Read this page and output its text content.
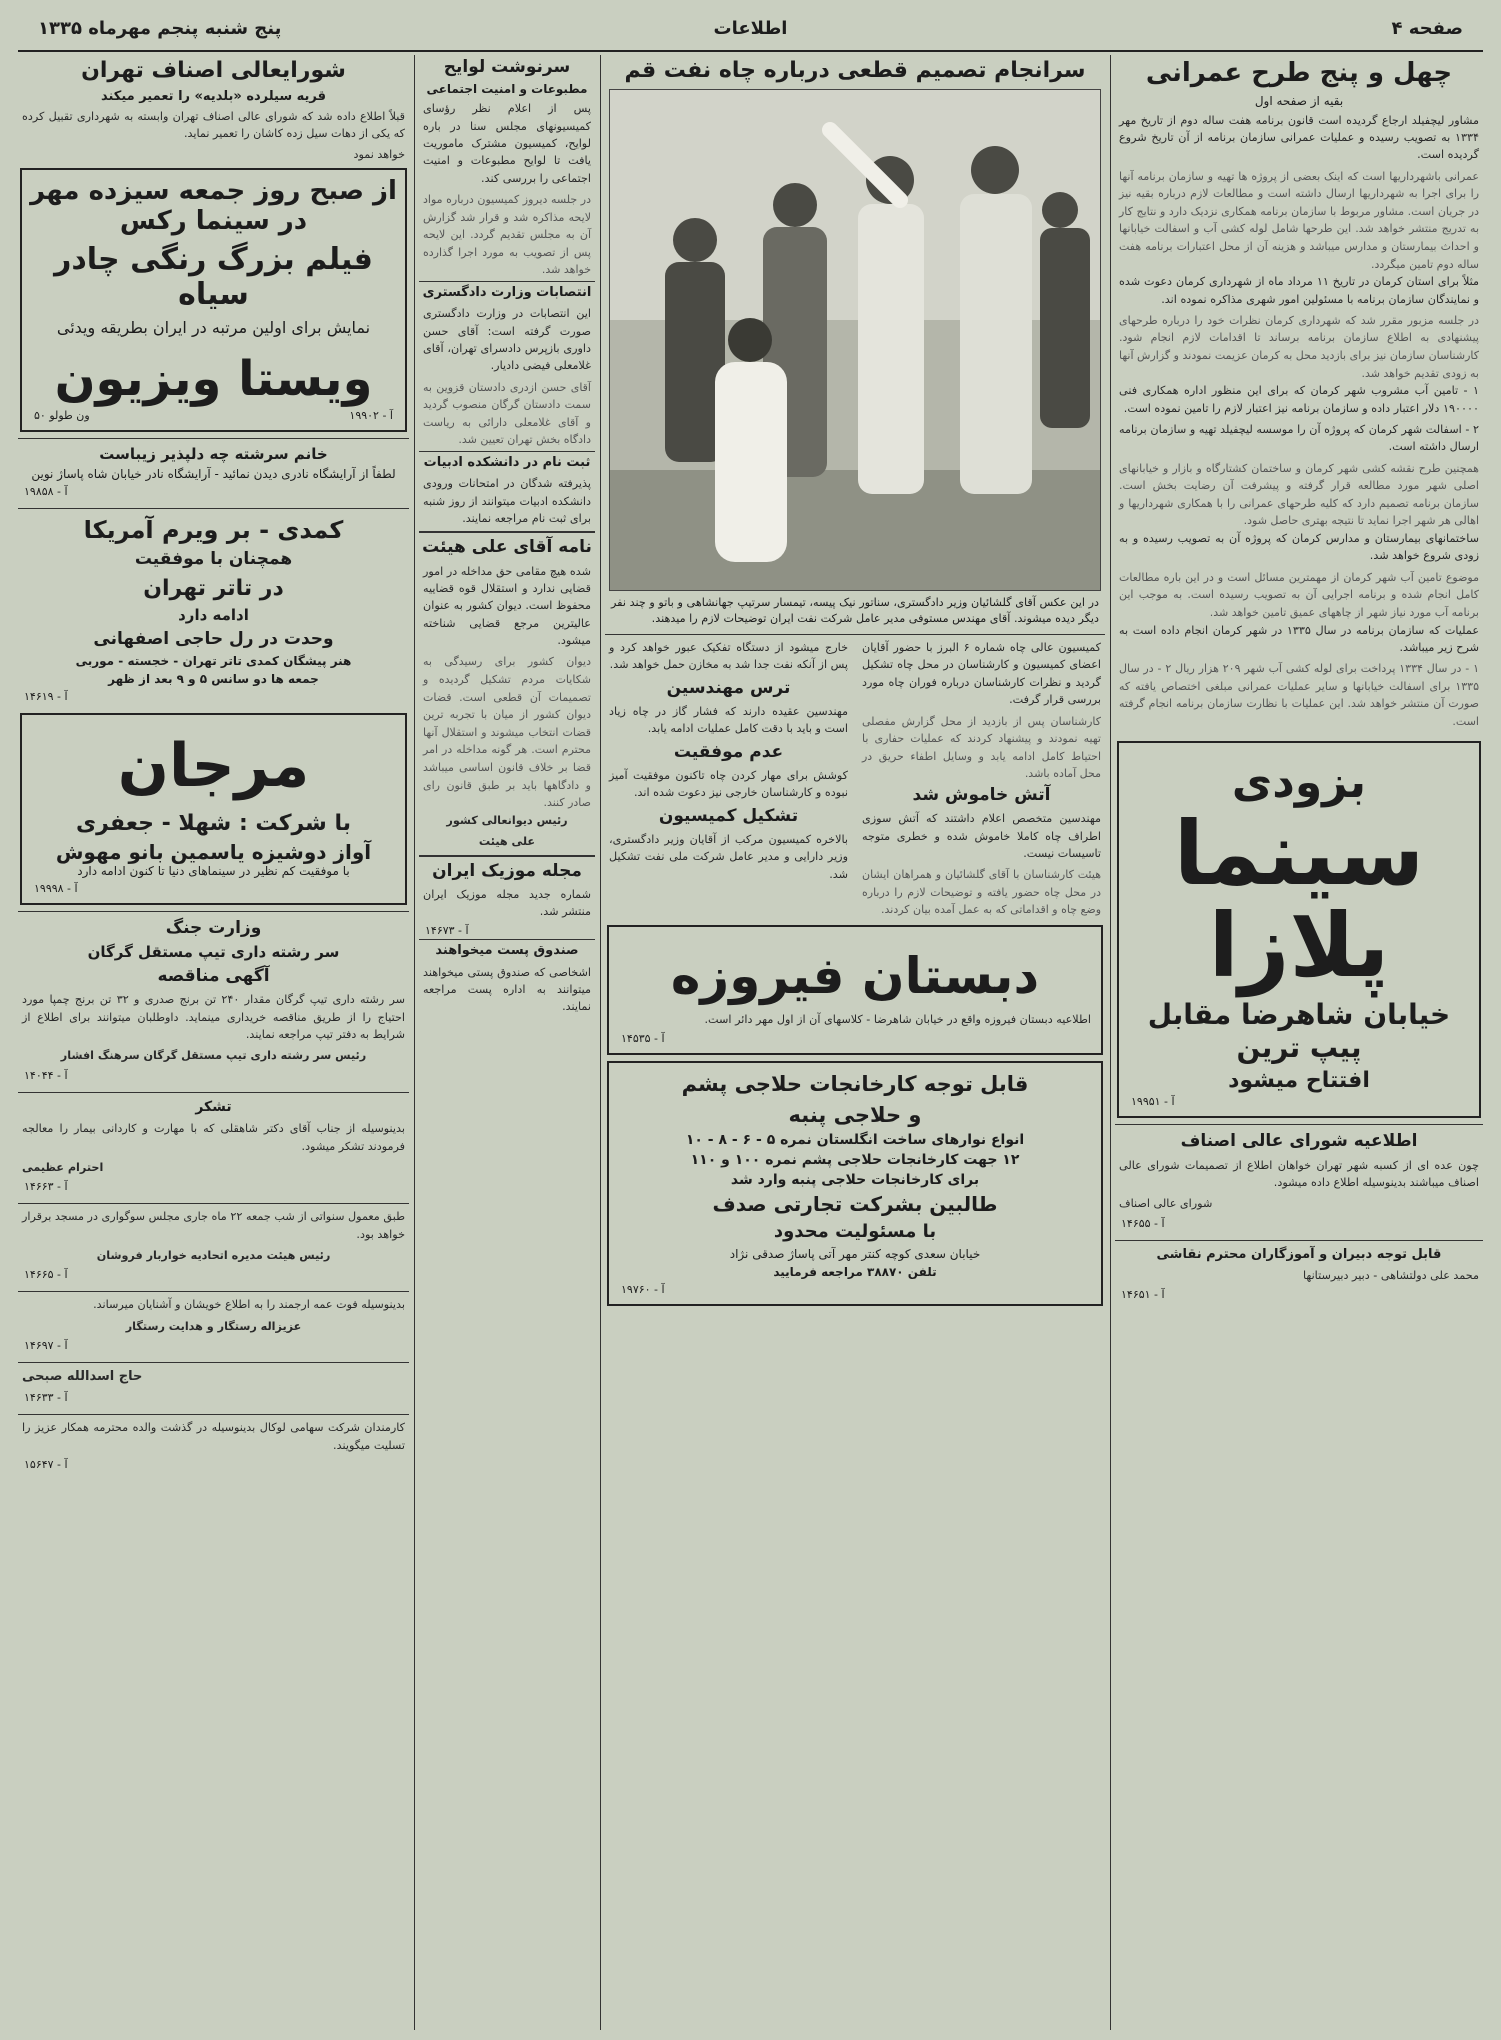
صفحه ۴
اطلاعات
پنج شنبه پنجم مهرماه ۱۳۳۵
چهل و پنج طرح عمرانی
بقیه از صفحه اول

مشاور لیچفیلد ارجاع گردیده است قانون برنامه هفت ساله دوم از تاریخ مهر ۱۳۳۴ به تصویب رسیده و عملیات عمرانی سازمان برنامه از آن تاریخ شروع گردیده است.

عمرانی باشهرداریها است که اینک بعضی از پروژه ها تهیه و سازمان برنامه آنها را برای اجرا به شهرداریها ارسال داشته است و مطالعات لازم درباره بقیه نیز در جریان است. مشاور مربوط با سازمان برنامه همکاری نزدیک دارد و نتایج کار به تدریج منتشر خواهد شد. این طرحها شامل لوله کشی آب و اسفالت خیابانها و احداث بیمارستان و مدارس میباشد و هزینه آن از محل اعتبارات برنامه هفت ساله دوم تامین میگردد.

مثلاً برای استان کرمان در تاریخ ۱۱ مرداد ماه از شهرداری کرمان دعوت شده و نمایندگان سازمان برنامه با مسئولین امور شهری مذاکره نموده اند.

در جلسه مزبور مقرر شد که شهرداری کرمان نظرات خود را درباره طرحهای پیشنهادی به اطلاع سازمان برنامه برساند تا اقدامات لازم انجام شود. کارشناسان سازمان نیز برای بازدید محل به کرمان عزیمت نمودند و گزارش آنها به زودی تقدیم خواهد شد.

۱ - تامین آب مشروب شهر کرمان که برای این منظور اداره همکاری فنی ۱۹۰۰۰۰ دلار اعتبار داده و سازمان برنامه نیز اعتبار لازم را تامین نموده است.

۲ - اسفالت شهر کرمان که پروژه آن را موسسه لیچفیلد تهیه و سازمان برنامه ارسال داشته است.

همچنین طرح نقشه کشی شهر کرمان و ساختمان کشتارگاه و بازار و خیابانهای اصلی شهر مورد مطالعه قرار گرفته و پیشرفت آن رضایت بخش است. سازمان برنامه تصمیم دارد که کلیه طرحهای عمرانی را با همکاری شهرداریها و اهالی هر شهر اجرا نماید تا نتیجه بهتری حاصل شود.

ساختمانهای بیمارستان و مدارس کرمان که پروژه آن به تصویب رسیده و به زودی شروع خواهد شد.

موضوع تامین آب شهر کرمان از مهمترین مسائل است و در این باره مطالعات کامل انجام شده و برنامه اجرایی آن به تصویب رسیده است. به موجب این برنامه آب مورد نیاز شهر از چاههای عمیق تامین خواهد شد.

عملیات که سازمان برنامه در سال ۱۳۳۵ در شهر کرمان انجام داده است به شرح زیر میباشد.

۱ - در سال ۱۳۳۴ پرداخت برای لوله کشی آب شهر ۲۰۹ هزار ریال ۲ - در سال ۱۳۳۵ برای اسفالت خیابانها و سایر عملیات عمرانی مبلغی اختصاص یافته که صورت آن منتشر خواهد شد. این عملیات با نظارت سازمان برنامه انجام گرفته است.

بزودی
سینما پلازا
خیابان شاهرضا مقابل پیپ ترین
افتتاح میشود
آ - ۱۹۹۵۱
اطلاعیه شورای عالی اصناف

چون عده ای از کسبه شهر تهران خواهان اطلاع از تصمیمات شورای عالی اصناف میباشند بدینوسیله اطلاع داده میشود.

شورای عالی اصناف
آ - ۱۴۶۵۵
قابل توجه دبیران و آموزگاران محترم نقاشی
محمد علی دولتشاهی - دبیر دبیرستانها
آ - ۱۴۶۵۱
سرانجام تصمیم قطعی درباره چاه نفت قم

در این عکس آقای گلشائیان وزیر دادگستری، سناتور نیک پیسه، تیمسار سرتیپ جهانشاهی و باتو و چند نفر دیگر دیده میشوند. آقای مهندس مستوفی مدیر عامل شرکت نفت ایران توضیحات لازم را میدهند.

کمیسیون عالی چاه شماره ۶ البرز با حضور آقایان اعضای کمیسیون و کارشناسان در محل چاه تشکیل گردید و نظرات کارشناسان درباره فوران چاه مورد بررسی قرار گرفت.

کارشناسان پس از بازدید از محل گزارش مفصلی تهیه نمودند و پیشنهاد کردند که عملیات حفاری با احتیاط کامل ادامه یابد و وسایل اطفاء حریق در محل آماده باشد.

آتش خاموش شد

مهندسین متخصص اعلام داشتند که آتش سوزی اطراف چاه کاملا خاموش شده و خطری متوجه تاسیسات نیست.

هیئت کارشناسان با آقای گلشائیان و همراهان ایشان در محل چاه حضور یافته و توضیحات لازم را درباره وضع چاه و اقداماتی که به عمل آمده بیان کردند.

خارج میشود از دستگاه تفکیک عبور خواهد کرد و پس از آنکه نفت جدا شد به مخازن حمل خواهد شد.

ترس مهندسین

مهندسین عقیده دارند که فشار گاز در چاه زیاد است و باید با دقت کامل عملیات ادامه یابد.

عدم موفقیت

کوشش برای مهار کردن چاه تاکنون موفقیت آمیز نبوده و کارشناسان خارجی نیز دعوت شده اند.

تشکیل کمیسیون

بالاخره کمیسیون مرکب از آقایان وزیر دادگستری، وزیر دارایی و مدیر عامل شرکت ملی نفت تشکیل شد.

دبستان فیروزه

اطلاعیه دبستان فیروزه واقع در خیابان شاهرضا - کلاسهای آن از اول مهر دائر است.

آ - ۱۴۵۳۵
قابل توجه کارخانجات حلاجی پشم
و حلاجی پنبه
انواع نوارهای ساخت انگلستان نمره ۵ - ۶ - ۸ - ۱۰
۱۲ جهت کارخانجات حلاجی پشم نمره ۱۰۰ و ۱۱۰
برای کارخانجات حلاجی پنبه وارد شد
طالبین بشرکت تجارتی صدف
با مسئولیت محدود
خیابان سعدی کوچه کنتر مهر آتی پاساژ صدقی نژاد
تلفن ۳۸۸۷۰ مراجعه فرمایید
آ - ۱۹۷۶۰
سرنوشت لوایح
مطبوعات و امنیت اجتماعی

پس از اعلام نظر رؤسای کمیسیونهای مجلس سنا در باره لوایح، کمیسیون مشترک ماموریت یافت تا لوایح مطبوعات و امنیت اجتماعی را بررسی کند.

در جلسه دیروز کمیسیون درباره مواد لایحه مذاکره شد و قرار شد گزارش آن به مجلس تقدیم گردد. این لایحه پس از تصویب به مورد اجرا گذارده خواهد شد.

انتصابات وزارت دادگستری

این انتصابات در وزارت دادگستری صورت گرفته است: آقای حسن داوری بازپرس دادسرای تهران، آقای غلامعلی فیضی دادیار.

آقای حسن ازدری دادستان قزوین به سمت دادستان گرگان منصوب گردید و آقای غلامعلی دارائی به ریاست دادگاه بخش تهران تعیین شد.

ثبت نام در دانشکده ادبیات

پذیرفته شدگان در امتحانات ورودی دانشکده ادبیات میتوانند از روز شنبه برای ثبت نام مراجعه نمایند.

نامه آقای علی هیئت

شده هیچ مقامی حق مداخله در امور قضایی ندارد و استقلال قوه قضاییه محفوظ است. دیوان کشور به عنوان عالیترین مرجع قضایی شناخته میشود.

دیوان کشور برای رسیدگی به شکایات مردم تشکیل گردیده و تصمیمات آن قطعی است. قضات دیوان کشور از میان با تجربه ترین قضات انتخاب میشوند و استقلال آنها محترم است. هر گونه مداخله در امر قضا بر خلاف قانون اساسی میباشد و دادگاهها باید بر طبق قانون رای صادر کنند.

رئیس دیوانعالی کشور
علی هیئت
مجله موزیک ایران

شماره جدید مجله موزیک ایران منتشر شد.

آ - ۱۴۶۷۳
صندوق پست میخواهند

اشخاصی که صندوق پستی میخواهند میتوانند به اداره پست مراجعه نمایند.

شورایعالی اصناف تهران
قریه سیلرده «بلدیه» را تعمیر میکند

قبلاً اطلاع داده شد که شورای عالی اصناف تهران وابسته به شهرداری تقبیل کرده که یکی از دهات سیل زده کاشان را تعمیر نماید.

خواهد نمود
از صبح روز جمعه سیزده مهر در سینما رکس
فیلم بزرگ رنگی چادر سیاه
نمایش برای اولین مرتبه در ایران بطریقه ویدئی
ویستا ویزیون
آ - ۱۹۹۰۲
۵۰ ون طولو
خانم سرشته چه دلپذیر زیباست
لطفاً از آرایشگاه نادری دیدن نمائید - آرایشگاه نادر خیابان شاه پاساژ نوین
آ - ۱۹۸۵۸
کمدی - بر ویرم آمریکا
همچنان با موفقیت
در تاتر تهران
ادامه دارد
وحدت در رل حاجی اصفهانی
هنر پیشگان کمدی تاتر تهران - خجسته - موربی
جمعه ها دو سانس ۵ و ۹ بعد از ظهر
آ - ۱۴۶۱۹
مرجان
با شرکت : شهلا - جعفری
آواز دوشیزه یاسمین بانو مهوش
با موفقیت کم نظیر در سینماهای دنیا تا کنون ادامه دارد
آ - ۱۹۹۹۸
وزارت جنگ
سر رشته داری تیپ مستقل گرگان
آگهی مناقصه

سر رشته داری تیپ گرگان مقدار ۲۴۰ تن برنج صدری و ۳۲ تن برنج چمپا مورد احتیاج را از طریق مناقصه خریداری مینماید. داوطلبان میتوانند برای اطلاع از شرایط به دفتر تیپ مراجعه نمایند.

رئیس سر رشته داری تیپ مستقل گرگان سرهنگ افشار
آ - ۱۴۰۴۴
تشکر

بدینوسیله از جناب آقای دکتر شاهقلی که با مهارت و کاردانی بیمار را معالجه فرمودند تشکر میشود.

احترام عظیمی
آ - ۱۴۶۶۳

طبق معمول سنواتی از شب جمعه ۲۲ ماه جاری مجلس سوگواری در مسجد برقرار خواهد بود.

رئیس هیئت مدیره اتحادیه خواربار فروشان
آ - ۱۴۶۶۵

بدینوسیله فوت عمه ارجمند را به اطلاع خویشان و آشنایان میرساند.

عزیزاله رستگار و هدایت رستگار
آ - ۱۴۶۹۷
حاج اسدالله صبحی
آ - ۱۴۶۳۳

کارمندان شرکت سهامی لوکال بدینوسیله در گذشت والده محترمه همکار عزیز را تسلیت میگویند.

آ - ۱۵۶۴۷
